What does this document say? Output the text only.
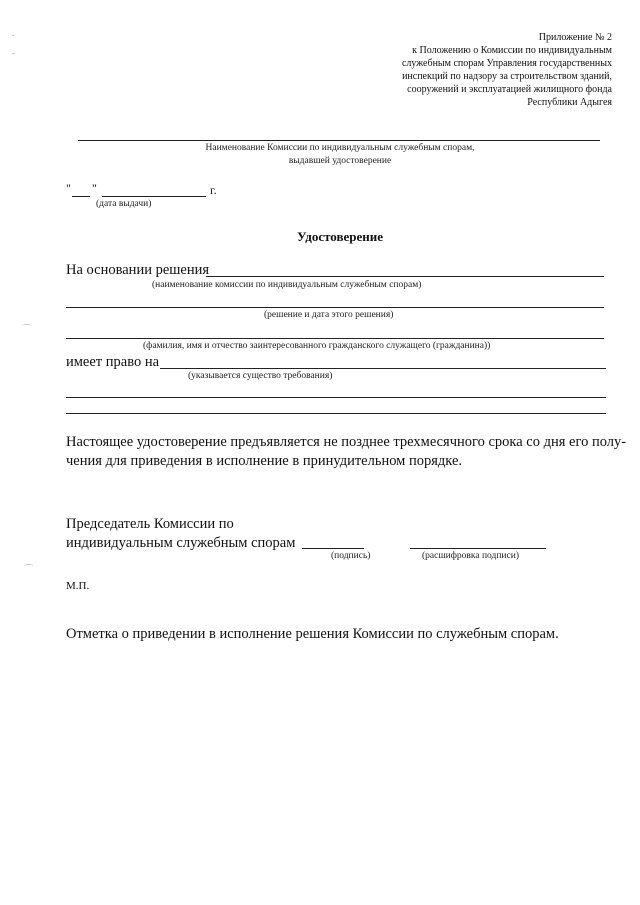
.
-
⌒
⌒
Приложение № 2
к Положению о Комиссии по индивидуальным
служебным спорам Управления государственных
инспекций по надзору за строительством зданий,
сооружений и эксплуатацией жилищного фонда
Республики Адыгея
Наименование Комиссии по индивидуальным служебным спорам,
выдавшей удостоверение
" "	г.
(дата выдачи)
Удостоверение
На основании решения
(наименование комиссии по индивидуальным служебным спорам)
(решение и дата этого решения)
(фамилия, имя и отчество заинтересованного гражданского служащего (гражданина))
имеет право на
(указывается существо требования)
Настоящее удостоверение предъявляется не позднее трехмесячного срока со дня его полу-
чения для приведения в исполнение в принудительном порядке.
Председатель Комиссии по
индивидуальным служебным спорам
(подпись)	(расшифровка подписи)
М.П.
Отметка о приведении в исполнение решения Комиссии по служебным спорам.
